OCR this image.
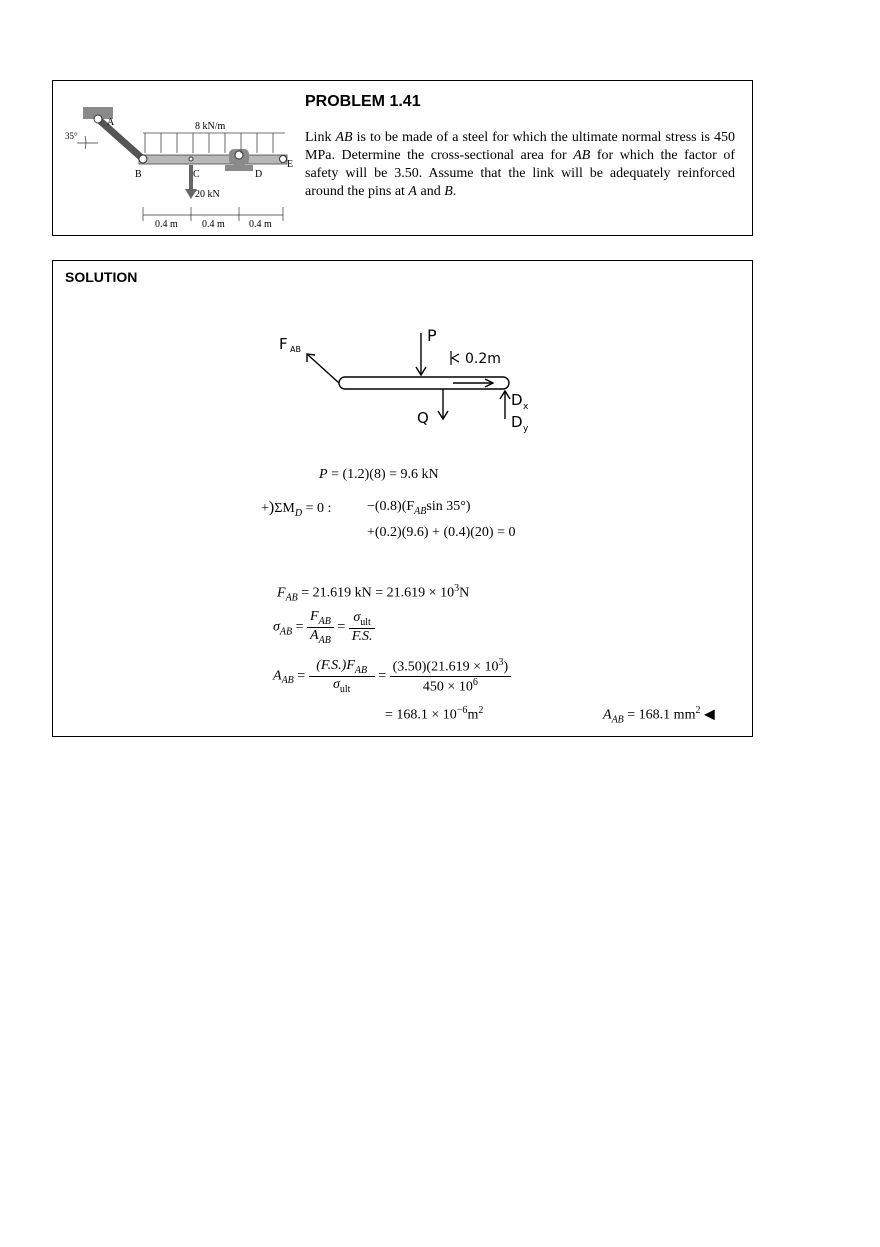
35°
8 kN/m
20 kN
A
B	C	D
E
0.4 m 0.4 m 0.4 m
PROBLEM 1.41
Link AB is to be made of a steel for which the ultimate normal stress is 450 MPa. Determine the cross-sectional area for AB for which the factor of safety will be 3.50. Assume that the link will be adequately reinforced around the pins at A and B.
SOLUTION
F AB
P
0.2m
D x
Q	D y
P = (1.2)(8) = 9.6 kN
$+)\Sigma M_D = 0$ :	$-(0.8)(F_{AB}\sin$ 35°)
+(0.2)(9.6) + (0.4)(20) = 0
$F_{AB} = 21.619$ kN = $21.619 \times 10^3N$
$\sigma_{AB} = \frac{F_{AB}}{A_{AB}} = \frac{\sigma_{ult}}{F.S.}$
$A_{AB} = \frac{(F.S.)F_{AB}}{\sigma_{ult}} = \frac{(3.50)(21.619 \times 10^3)}{450 \times 10^6}$
= $168.1 \times 10^{-6}m^2$	$A_{AB} = 168.1$ $mm^2$ ◀
